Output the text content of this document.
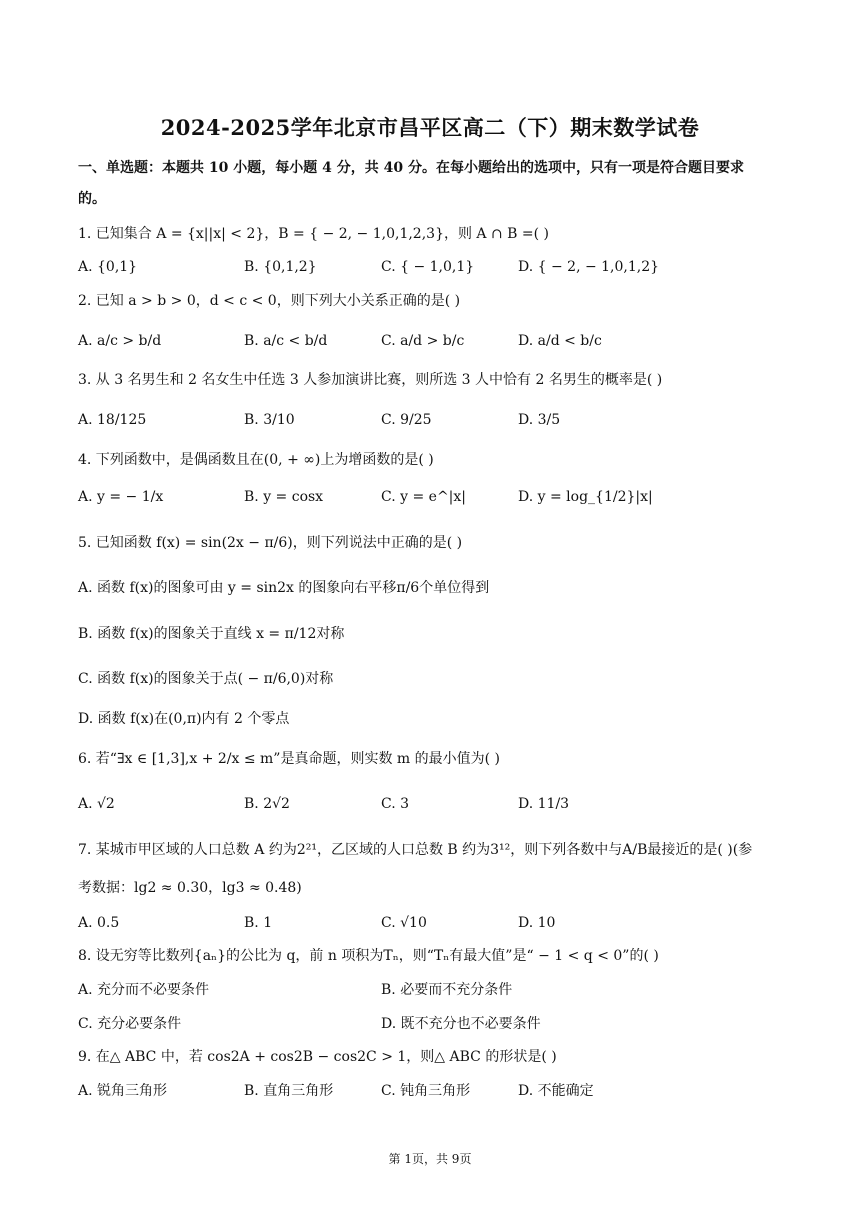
2024-2025学年北京市昌平区高二（下）期末数学试卷
一、单选题：本题共 10 小题，每小题 4 分，共 40 分。在每小题给出的选项中，只有一项是符合题目要求
的。
1. 已知集合 A = {x||x| < 2}，B = { − 2, − 1,0,1,2,3}，则 A ∩ B =( )
A. {0,1}	B. {0,1,2}	C. { − 1,0,1}	D. { − 2, − 1,0,1,2}
2. 已知 a > b > 0，d < c < 0，则下列大小关系正确的是( )
A. a/c > b/d	B. a/c < b/d	C. a/d > b/c	D. a/d < b/c
3. 从 3 名男生和 2 名女生中任选 3 人参加演讲比赛，则所选 3 人中恰有 2 名男生的概率是( )
A. 18/125	B. 3/10	C. 9/25	D. 3/5
4. 下列函数中，是偶函数且在(0, + ∞)上为增函数的是( )
A. y = − 1/x	B. y = cosx	C. y = e^|x|	D. y = log_{1/2}|x|
5. 已知函数 f(x) = sin(2x − π/6)，则下列说法中正确的是( )
A. 函数 f(x)的图象可由 y = sin2x 的图象向右平移π/6个单位得到
B. 函数 f(x)的图象关于直线 x = π/12对称
C. 函数 f(x)的图象关于点( − π/6,0)对称
D. 函数 f(x)在(0,π)内有 2 个零点
6. 若“∃x ∈ [1,3],x + 2/x ≤ m”是真命题，则实数 m 的最小值为( )
A. √2	B. 2√2	C. 3	D. 11/3
7. 某城市甲区域的人口总数 A 约为2²¹，乙区域的人口总数 B 约为3¹²，则下列各数中与A/B最接近的是( )(参
考数据：lg2 ≈ 0.30，lg3 ≈ 0.48)
A. 0.5	B. 1	C. √10	D. 10
8. 设无穷等比数列{aₙ}的公比为 q，前 n 项积为Tₙ，则“Tₙ有最大值”是“ − 1 < q < 0”的( )
A. 充分而不必要条件	B. 必要而不充分条件
C. 充分必要条件	D. 既不充分也不必要条件
9. 在△ ABC 中，若 cos2A + cos2B − cos2C > 1，则△ ABC 的形状是( )
A. 锐角三角形	B. 直角三角形	C. 钝角三角形	D. 不能确定
第 1页，共 9页
